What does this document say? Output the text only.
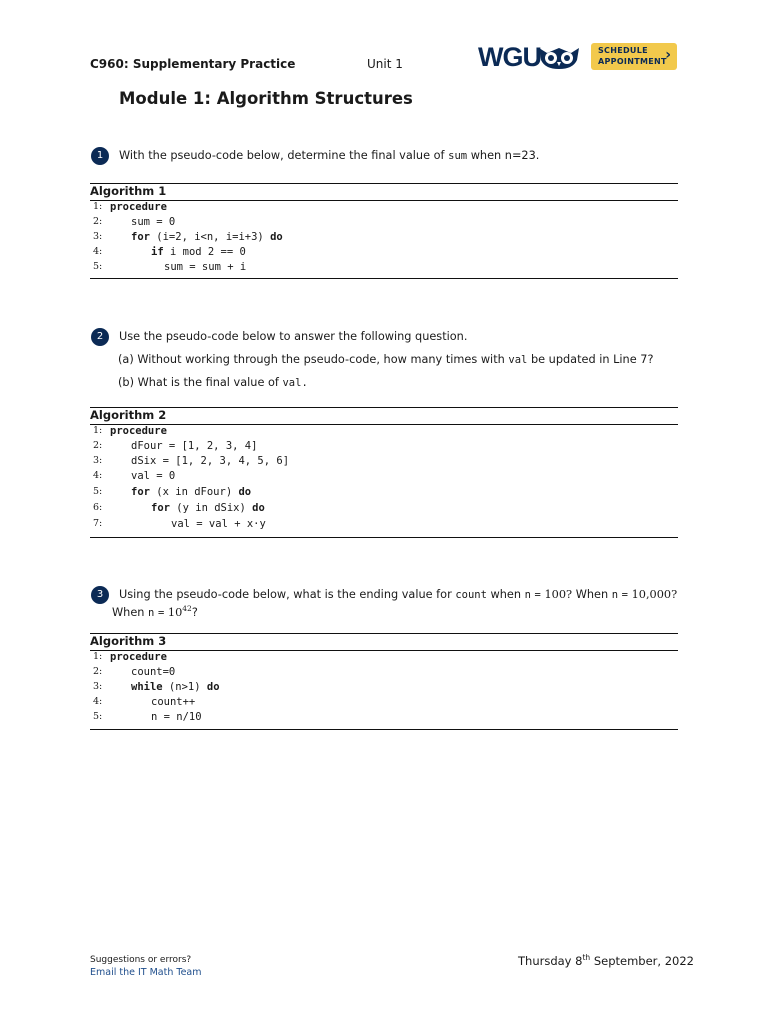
C960: Supplementary Practice	Unit 1	WGU	SCHEDULE
APPOINTMENT
›
Module 1: Algorithm Structures
1	With the pseudo-code below, determine the final value of sum when n=23.
Algorithm 1
1: procedure
2:	sum = 0
3:	for (i=2, i<n, i=i+3) do
4:	if i mod 2 == 0
5:	sum = sum + i
2	Use the pseudo-code below to answer the following question.
(a) Without working through the pseudo-code, how many times with val be updated in Line 7?
(b) What is the final value of val.
Algorithm 2
1: procedure
2:	dFour = [1, 2, 3, 4]
3:	dSix = [1, 2, 3, 4, 5, 6]
4:	val = 0
5:	for (x in dFour) do
6:	for (y in dSix) do
7:	val = val + x·y
3	Using the pseudo-code below, what is the ending value for count when n = 100? When n = 10,000?
When $n = 10^{42}$?
Algorithm 3
1: procedure
2:	count=0
3:	while (n>1) do
4:	count++
5:	n = n/10
Suggestions or errors?
Email the IT Math Team
Thursday 8th September, 2022
